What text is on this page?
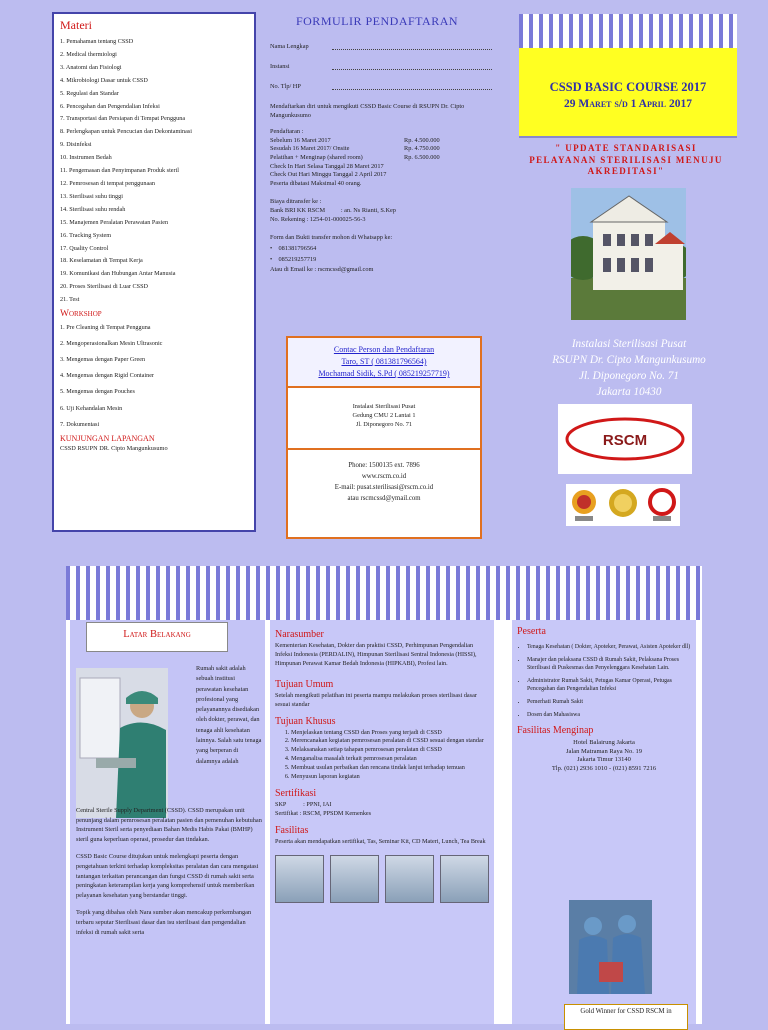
Materi
1. Pemahaman tentang CSSD
2. Medical thermiologi
3. Anatomi dan Fisiologi
4. Mikrobiologi Dasar untuk CSSD
5. Regulasi dan Standar
6. Pencegahan dan Pengendalian Infeksi
7. Transportasi dan Persiapan di Tempat Pengguna
8. Perlengkapan untuk Pencucian dan Dekontaminasi
9. Disinfeksi
10. Instrumen Bedah
11. Pengemasan dan Penyimpanan Produk steril
12. Pemrosesan di tempat penggunaan
13. Sterilisasi suhu tinggi
14. Sterilisasi suhu rendah
15. Manajemen Peralatan Perawatan Pasien
16. Tracking System
17. Quality Control
18. Keselamatan di Tempat Kerja
19. Komunikasi dan Hubungan Antar Manusia
20. Proses Sterilisasi di Luar CSSD
21. Test
Workshop
1. Pre Cleaning di Tempat Pengguna
2. Mengoperasionalkan Mesin Ultrasonic
3. Mengemas dengan Paper Green
4. Mengemas dengan Rigid Container
5. Mengemas dengan Pouches
6. Uji Kehandalan Mesin
7. Dokumentasi
KUNJUNGAN LAPANGAN
CSSD RSUPN DR. Cipto Mangunkusumo
FORMULIR PENDAFTARAN
Nama Lengkap
Instansi
No. Tlp/ HP
Mendaftarkan diri untuk mengikuti CSSD Basic Course di RSUPN Dr. Cipto Mangunkusumo
Pendaftaran :
Sebelum 16 Maret 2017	Rp. 4.500.000
Sesudah 16 Maret 2017/ Onsite	Rp. 4.750.000
Pelatihan + Menginap (shared room)	Rp. 6.500.000
Check In Hari Selasa Tanggal 28 Maret 2017
Check Out Hari Minggu Tanggal 2 April 2017
Peserta dibatasi Maksimal 40 orang.
Biaya ditransfer ke :
Bank BRI KK RSCM          : an. Ns Rianti, S.Kep
No. Rekening : 1254-01-000025-56-3
Form dan Bukti transfer mohon di Whatsapp ke:
•    081381796564
•    085219257719
Atau di Email ke : rscmcssd@gmail.com
Contac Person dan Pendaftaran
Taro, ST ( 081381796564)
Mochamad Sidik, S.Pd ( 085219257719)
Instalasi Sterilisasi Pusat
Gedung CMU 2 Lantai 1
Jl. Diponegoro No. 71
Phone: 1500135 ext. 7896
www.rscm.co.id
E-mail: pusat.sterilisasi@rscm.co.id
atau rscmcssd@ymail.com
CSSD BASIC COURSE 2017
29 Maret s/d 1 April 2017
" UPDATE STANDARISASI PELAYANAN STERILISASI MENUJU AKREDITASI"
Instalasi Sterilisasi Pusat
RSUPN Dr. Cipto Mangunkusumo
Jl. Diponegoro No. 71
Jakarta 10430
RSCM
Latar Belakang
Rumah sakit adalah sebuah institusi perawatan kesehatan profesional yang pelayanannya disediakan oleh dokter, perawat, dan tenaga ahli kesehatan lainnya. Salah satu tenaga yang berperan di dalamnya adalah

Central Sterile Supply Department (CSSD). CSSD merupakan unit penunjang dalam pemrosesan peralatan pasien dan pemenuhan kebutuhan Instrument Steril serta penyediaan Bahan Medis Habis Pakai (BMHP) steril guna keperluan operasi, prosedur dan tindakan.

CSSD Basic Course ditujukan untuk melengkapi peserta dengan pengetahuan terkini terhadap kompleksitas peralatan dan cara mengatasi tantangan terkaitan perancangan dan fungsi CSSD di rumah sakit serta peningkatan keterampilan kerja yang komprehensif untuk memberikan pelayanan kesehatan yang berstandar tinggi.

Topik yang dibahas oleh Nara sumber akan mencakup perkembangan terbaru seputar Sterilisasi dasar dan isu sterilisasi dan pengendalian infeksi di rumah sakit serta

Narasumber

Kementerian Kesehatan, Dokter dan praktisi CSSD, Perhimpunan Pengendalian Infeksi Indonesia (PERDALIN), Himpunan Sterilisasi Sentral Indonesia (HISSI), Himpunan Perawat Kamar Bedah Indonesia (HIPKABI), Profesi lain.

Tujuan Umum

Setelah mengikuti pelatihan ini peserta mampu melakukan proses sterilisasi dasar sesuai standar

Tujuan Khusus
1. Menjelaskan tentang CSSD dan Proses yang terjadi di CSSD
2. Merencanakan kegiatan pemrosesan peralatan di CSSD sesuai dengan standar
3. Melaksanakan setiap tahapan pemrosesan peralatan di CSSD
4. Menganalisa masalah terkait pemrosesan peralatan
5. Membuat usulan perbaikan dan rencana tindak lanjut terhadap temuan
6. Menyusun laporan kegiatan
Sertifikasi

SKP           : PPNI, IAI

Sertifikat : RSCM, PPSDM Kemenkes

Fasilitas

Peserta akan mendapatkan sertifikat, Tas, Seminar Kit, CD Materi, Lunch, Tea Break

Peserta
• Tenaga Kesehatan ( Dokter, Apoteker, Perawat, Asisten Apoteker dll)
• Manajer dan pelaksana CSSD di Rumah Sakit, Pelaksana Proses Sterilisasi di Puskesmas dan Penyelenggara Kesehatan Lain.
• Administrator Rumah Sakit, Petugas Kamar Operasi, Petugas Pencegahan dan Pengendalian Infeksi
• Pemerhati Rumah Sakit
• Dosen dan Mahasiswa
Fasilitas Menginap
Hotel Balairung Jakarta
Jalan Matraman Raya No. 19
Jakarta Timur 13140
Tlp. (021) 2936 1010 - (021) 8591 7216
Gold Winner for CSSD RSCM in
